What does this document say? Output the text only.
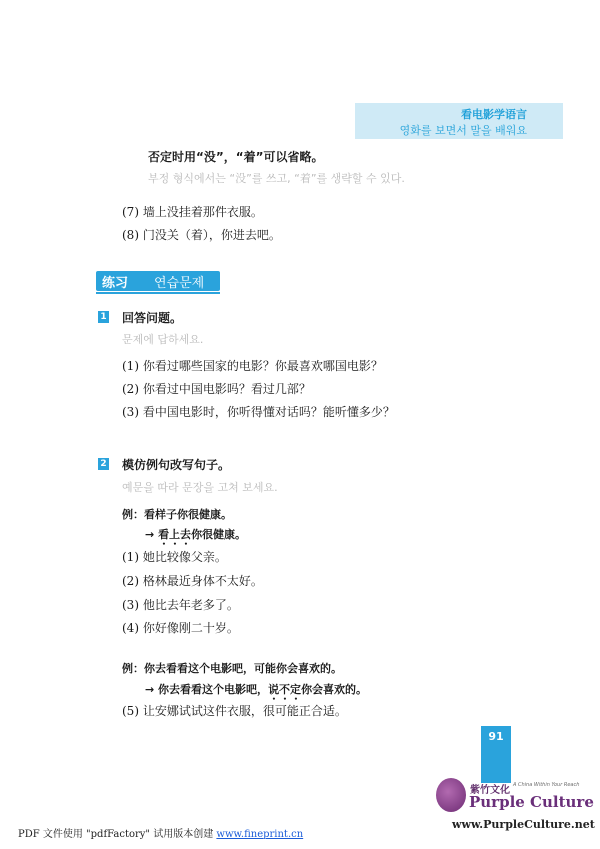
看电影学语言
영화를 보면서 말을 배워요
否定时用“没”，“着”可以省略。
부정 형식에서는 “没”를 쓰고, “着”를 생략할 수 있다.
(7) 墙上没挂着那件衣服。
(8) 门没关（着），你进去吧。
练习 연습문제
1 回答问题。
문제에 답하세요.
(1) 你看过哪些国家的电影？你最喜欢哪国电影？
(2) 你看过中国电影吗？看过几部？
(3) 看中国电影时，你听得懂对话吗？能听懂多少？
2 模仿例句改写句子。
예문을 따라 문장을 고쳐 보세요.
例：看样子你很健康。
→ 看上去你很健康。
(1) 她比较像父亲。
(2) 格林最近身体不太好。
(3) 他比去年老多了。
(4) 你好像刚二十岁。
例：你去看看这个电影吧，可能你会喜欢的。
→ 你去看看这个电影吧，说不定你会喜欢的。
(5) 让安娜试试这件衣服，很可能正合适。
91
紫竹文化 A China Within Your Reach
Purple Culture
www.PurpleCulture.net
PDF 文件使用 "pdfFactory" 试用版本创建 www.fineprint.cn
